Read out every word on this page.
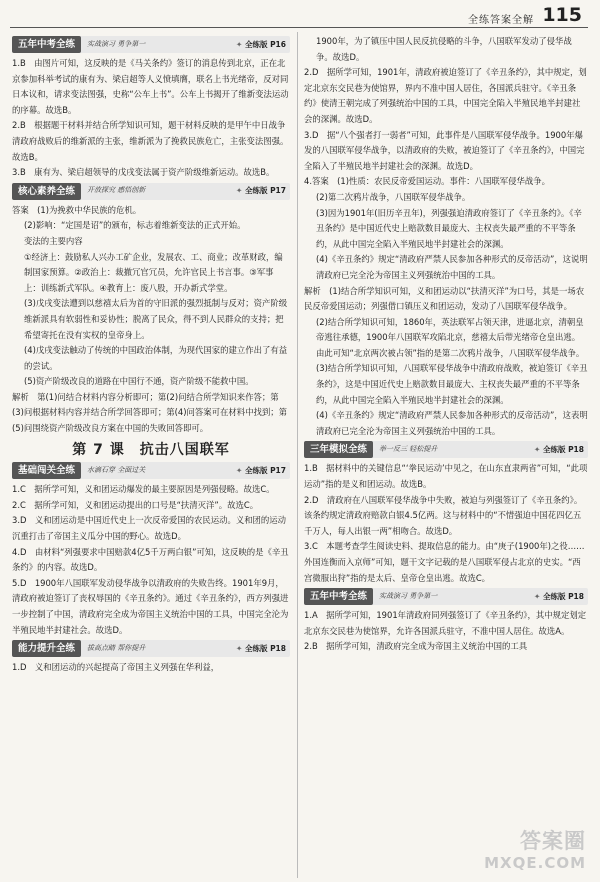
全练答案全解 115
五年中考全练	实战演习 勇争第一	✦ 全练版 P16

1.B　由图片可知，这反映的是《马关条约》签订的消息传到北京，正在北京参加科举考试的康有为、梁启超等人义愤填膺，联名上书光绪帝，反对同日本议和，请求变法图强，史称“公车上书”。公车上书揭开了维新变法运动的序幕。故选B。

2.B　根据题干材料并结合所学知识可知，题干材料反映的是甲午中日战争清政府战败后的维新派的主张，维新派为了挽救民族危亡，主张变法图强。故选B。

3.B　康有为、梁启超领导的戊戌变法属于资产阶级维新运动。故选B。

核心素养全练	开放探究 感悟创新	✦ 全练版 P17

答案　(1)为挽救中华民族的危机。

(2)影响：“定国是诏”的颁布，标志着维新变法的正式开始。

变法的主要内容

①经济上：鼓励私人兴办工矿企业，发展农、工、商业；改革财政，编制国家预算。②政治上：裁撤冗官冗员，允许官民上书言事。③军事上：训练新式军队。④教育上：废八股，开办新式学堂。

(3)戊戌变法遭到以慈禧太后为首的守旧派的强烈抵制与反对；资产阶级维新派具有软弱性和妥协性；脱离了民众，得不到人民群众的支持；把希望寄托在没有实权的皇帝身上。

(4)戊戌变法触动了传统的中国政治体制，为现代国家的建立作出了有益的尝试。

(5)资产阶级改良的道路在中国行不通，资产阶级不能救中国。

解析　第(1)问结合材料内容分析即可；第(2)问结合所学知识来作答；第(3)问根据材料内容并结合所学回答即可；第(4)问答案可在材料中找到；第(5)问围绕资产阶级改良方案在中国的失败回答即可。

第 7 课　抗击八国联军
基础闯关全练	水滴石穿 全面过关	✦ 全练版 P17

1.C　据所学可知，义和团运动爆发的最主要原因是列强侵略。故选C。

2.C　据所学可知，义和团运动提出的口号是“扶清灭洋”。故选C。

3.D　义和团运动是中国近代史上一次反帝爱国的农民运动。义和团的运动沉重打击了帝国主义瓜分中国的野心。故选D。

4.D　由材料“列强要求中国赔款4亿5千万两白银”可知，这反映的是《辛丑条约》的内容。故选D。

5.D　1900年八国联军发动侵华战争以清政府的失败告终。1901年9月，清政府被迫签订了丧权辱国的《辛丑条约》。通过《辛丑条约》，西方列强进一步控制了中国，清政府完全成为帝国主义统治中国的工具，中国完全沦为半殖民地半封建社会。故选D。

能力提升全练	拔高点睛 帮你提升	✦ 全练版 P18

1.D　义和团运动的兴起提高了帝国主义列强在华利益，

1900年，为了镇压中国人民反抗侵略的斗争，八国联军发动了侵华战争。故选D。

2.D　据所学可知，1901年，清政府被迫签订了《辛丑条约》，其中规定，划定北京东交民巷为使馆界，界内不准中国人居住，各国派兵驻守。《辛丑条约》使清王朝完成了列强统治中国的工具，中国完全陷入半殖民地半封建社会的深渊。故选D。

3.D　据“八个强者打一弱者”可知，此事件是八国联军侵华战争。1900年爆发的八国联军侵华战争，以清政府的失败，被迫签订了《辛丑条约》，中国完全陷入了半殖民地半封建社会的深渊。故选D。

4.答案　(1)性质：农民反帝爱国运动。事件：八国联军侵华战争。

(2)第二次鸦片战争，八国联军侵华战争。

(3)因为1901年(旧历辛丑年)，列强强迫清政府签订了《辛丑条约》。《辛丑条约》是中国近代史上赔款数目最庞大、主权丧失最严重的不平等条约，从此中国完全陷入半殖民地半封建社会的深渊。

(4)《辛丑条约》规定“清政府严禁人民参加各种形式的反帝活动”，这说明清政府已完全沦为帝国主义列强统治中国的工具。

解析　(1)结合所学知识可知，义和团运动以“扶清灭洋”为口号，其是一场农民反帝爱国运动；列强借口镇压义和团运动，发动了八国联军侵华战争。

(2)结合所学知识可知，1860年，英法联军占领天津，进逼北京，清朝皇帝逃往承德，1900年八国联军攻陷北京，慈禧太后带光绪帝仓皇出逃。由此可知“北京两次被占领”指的是第二次鸦片战争，八国联军侵华战争。

(3)结合所学知识可知，八国联军侵华战争中清政府战败，被迫签订《辛丑条约》，这是中国近代史上赔款数目最庞大、主权丧失最严重的不平等条约，从此中国完全陷入半殖民地半封建社会的深渊。

(4)《辛丑条约》规定“清政府严禁人民参加各种形式的反帝活动”，这表明清政府已完全沦为帝国主义列强统治中国的工具。

三年模拟全练	举一反三 轻松提升	✦ 全练版 P18

1.B　据材料中的关键信息“‘拳民运动’中见之，在山东直隶两省”可知，“此项运动”指的是义和团运动。故选B。

2.D　清政府在八国联军侵华战争中失败，被迫与列强签订了《辛丑条约》。该条约规定清政府赔款白银4.5亿两。这与材料中的“不惜强迫中国花四亿五千万人，每人出银一两”相吻合。故选D。

3.C　本题考查学生阅读史料、提取信息的能力。由“庚子(1900年)之役……外国连衡而入京师”可知，题干文字记载的是八国联军侵占北京的史实。“西宫微服出狩”指的是太后、皇帝仓皇出逃。故选C。

五年中考全练	实战演习 勇争第一	✦ 全练版 P18

1.A　据所学可知，1901年清政府同列强签订了《辛丑条约》，其中规定划定北京东交民巷为使馆界，允许各国派兵驻守，不准中国人居住。故选A。

2.B　据所学可知，清政府完全成为帝国主义统治中国的工具

答案圈
MXQE.COM
